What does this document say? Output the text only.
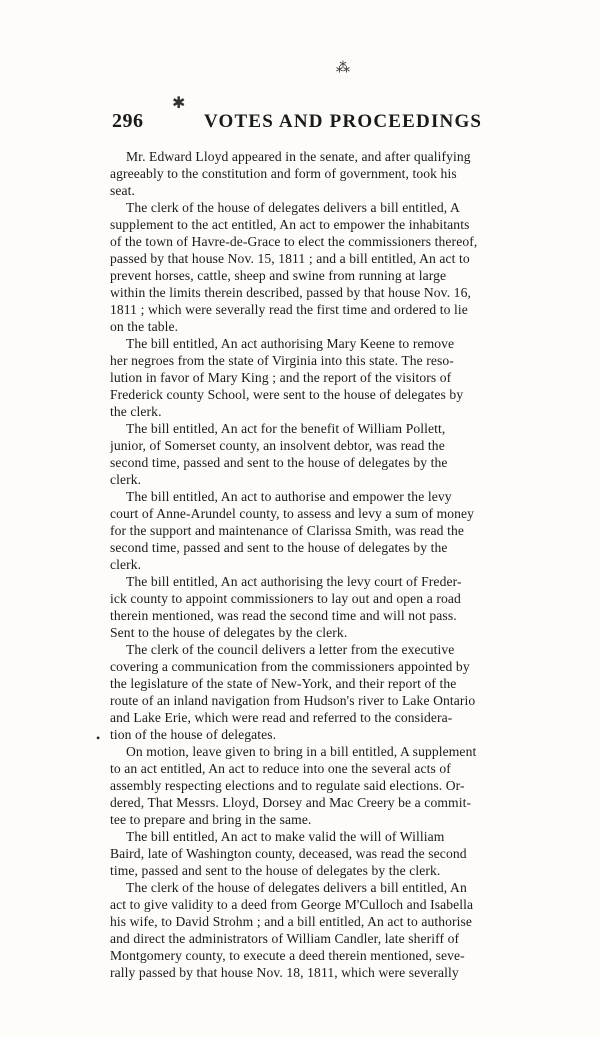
⁂
✱
296	VOTES AND PROCEEDINGS
•

Mr. Edward Lloyd appeared in the senate, and after qualifying
agreeably to the constitution and form of government, took his
seat.

The clerk of the house of delegates delivers a bill entitled, A
supplement to the act entitled, An act to empower the inhabitants
of the town of Havre-de-Grace to elect the commissioners thereof,
passed by that house Nov. 15, 1811 ; and a bill entitled, An act to
prevent horses, cattle, sheep and swine from running at large
within the limits therein described, passed by that house Nov. 16,
1811 ; which were severally read the first time and ordered to lie
on the table.

The bill entitled, An act authorising Mary Keene to remove
her negroes from the state of Virginia into this state. The reso-
lution in favor of Mary King ; and the report of the visitors of
Frederick county School, were sent to the house of delegates by
the clerk.

The bill entitled, An act for the benefit of William Pollett,
junior, of Somerset county, an insolvent debtor, was read the
second time, passed and sent to the house of delegates by the
clerk.

The bill entitled, An act to authorise and empower the levy
court of Anne-Arundel county, to assess and levy a sum of money
for the support and maintenance of Clarissa Smith, was read the
second time, passed and sent to the house of delegates by the
clerk.

The bill entitled, An act authorising the levy court of Freder-
ick county to appoint commissioners to lay out and open a road
therein mentioned, was read the second time and will not pass.
Sent to the house of delegates by the clerk.

The clerk of the council delivers a letter from the executive
covering a communication from the commissioners appointed by
the legislature of the state of New-York, and their report of the
route of an inland navigation from Hudson's river to Lake Ontario
and Lake Erie, which were read and referred to the considera-
tion of the house of delegates.

On motion, leave given to bring in a bill entitled, A supplement
to an act entitled, An act to reduce into one the several acts of
assembly respecting elections and to regulate said elections. Or-
dered, That Messrs. Lloyd, Dorsey and Mac Creery be a commit-
tee to prepare and bring in the same.

The bill entitled, An act to make valid the will of William
Baird, late of Washington county, deceased, was read the second
time, passed and sent to the house of delegates by the clerk.

The clerk of the house of delegates delivers a bill entitled, An
act to give validity to a deed from George M'Culloch and Isabella
his wife, to David Strohm ; and a bill entitled, An act to authorise
and direct the administrators of William Candler, late sheriff of
Montgomery county, to execute a deed therein mentioned, seve-
rally passed by that house Nov. 18, 1811, which were severally
